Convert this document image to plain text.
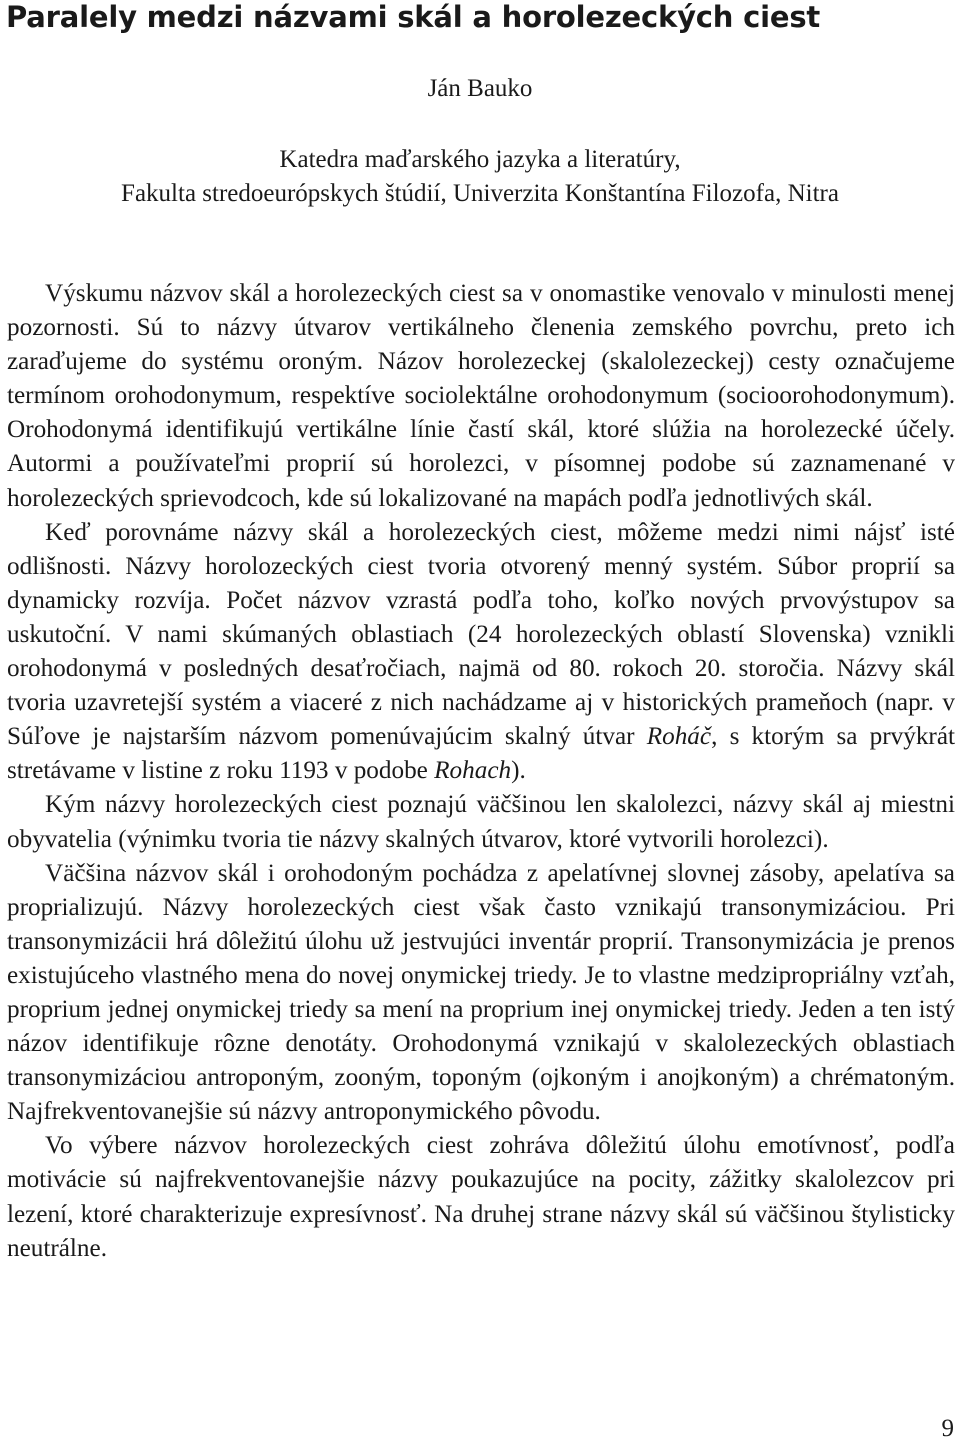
Paralely medzi názvami skál a horolezeckých ciest
Ján Bauko
Katedra maďarského jazyka a literatúry,
Fakulta stredoeurópskych štúdií, Univerzita Konštantína Filozofa, Nitra

Výskumu názvov skál a horolezeckých ciest sa v onomastike venovalo v minulosti menej pozornosti. Sú to názvy útvarov vertikálneho členenia zemského povrchu, preto ich zaraďujeme do systému oroným. Názov horolezeckej (skalolezeckej) cesty označujeme termínom orohodonymum, respektíve sociolektálne orohodonymum (socioorohodonymum). Orohodonymá identifikujú vertikálne línie častí skál, ktoré slúžia na horolezecké účely. Autormi a používateľmi proprií sú horolezci, v písomnej podobe sú zaznamenané v horolezeckých sprievodcoch, kde sú lokalizované na mapách podľa jednotlivých skál.

Keď porovnáme názvy skál a horolezeckých ciest, môžeme medzi nimi nájsť isté odlišnosti. Názvy horolozeckých ciest tvoria otvorený menný systém. Súbor proprií sa dynamicky rozvíja. Počet názvov vzrastá podľa toho, koľko nových prvovýstupov sa uskutoční. V nami skúmaných oblastiach (24 horolezeckých oblastí Slovenska) vznikli orohodonymá v posledných desaťročiach, najmä od 80. rokoch 20. storočia. Názvy skál tvoria uzavretejší systém a viaceré z nich nachádzame aj v historických prameňoch (napr. v Súľove je najstarším názvom pomenúvajúcim skalný útvar Roháč, s ktorým sa prvýkrát stretávame v listine z roku 1193 v podobe Rohach).

Kým názvy horolezeckých ciest poznajú väčšinou len skalolezci, názvy skál aj miestni obyvatelia (výnimku tvoria tie názvy skalných útvarov, ktoré vytvorili horolezci).

Väčšina názvov skál i orohodoným pochádza z apelatívnej slovnej zásoby, apelatíva sa proprializujú. Názvy horolezeckých ciest však často vznikajú transonymizáciou. Pri transonymizácii hrá dôležitú úlohu už jestvujúci inventár proprií. Transonymizácia je prenos existujúceho vlastného mena do novej onymickej triedy. Je to vlastne medzipropriálny vzťah, proprium jednej onymickej triedy sa mení na proprium inej onymickej triedy. Jeden a ten istý názov identifikuje rôzne denotáty. Orohodonymá vznikajú v skalolezeckých oblastiach transonymizáciou antroponým, zooným, toponým (ojkoným i anojkoným) a chrématoným. Najfrekventovanejšie sú názvy antroponymického pôvodu.

Vo výbere názvov horolezeckých ciest zohráva dôležitú úlohu emotívnosť, podľa motivácie sú najfrekventovanejšie názvy poukazujúce na pocity, zážitky skalolezcov pri lezení, ktoré charakterizuje expresívnosť. Na druhej strane názvy skál sú väčšinou štylisticky neutrálne.

9
